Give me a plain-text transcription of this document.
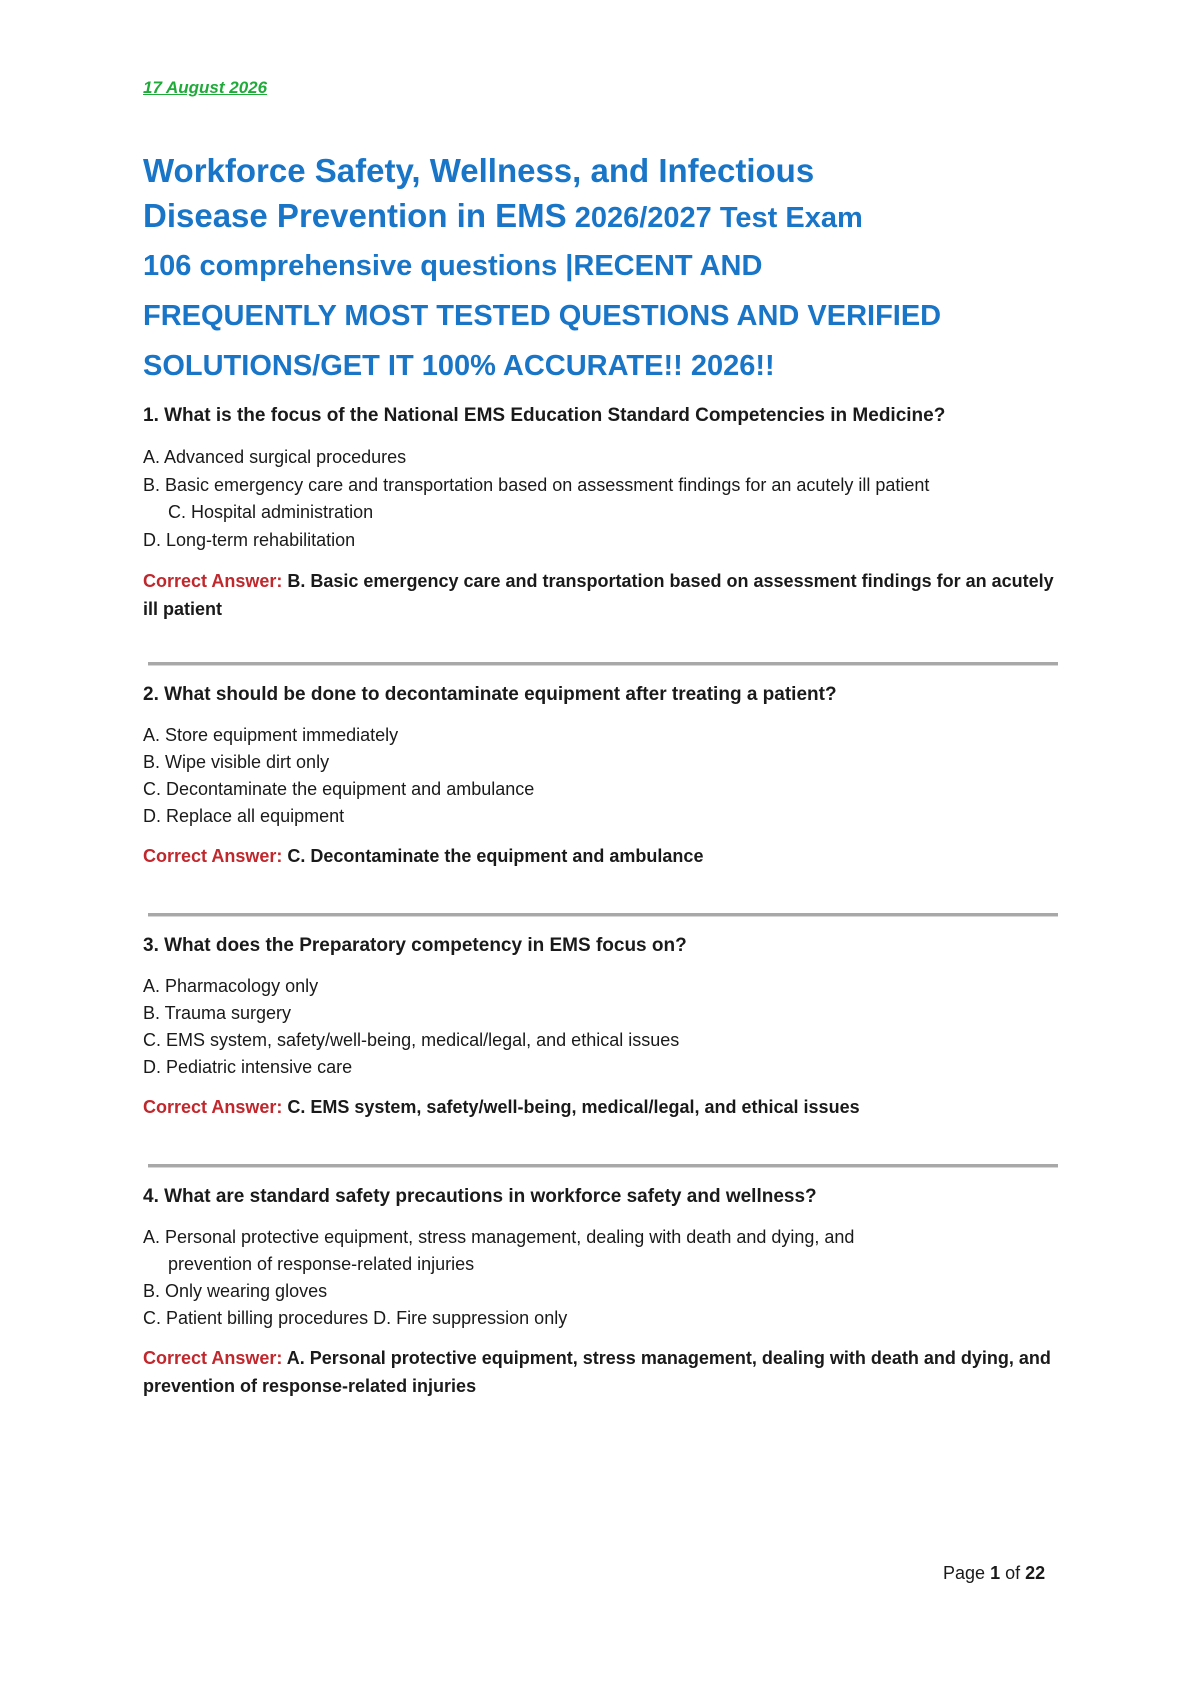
17 August 2026
Workforce Safety, Wellness, and Infectious
Disease Prevention in EMS 2026/2027 Test Exam
106 comprehensive questions |RECENT AND
FREQUENTLY MOST TESTED QUESTIONS AND VERIFIED
SOLUTIONS/GET IT 100% ACCURATE!! 2026!!
1. What is the focus of the National EMS Education Standard Competencies in Medicine?
A. Advanced surgical procedures
B. Basic emergency care and transportation based on assessment findings for an acutely ill patient
C. Hospital administration
D. Long-term rehabilitation
Correct Answer: B. Basic emergency care and transportation based on assessment findings for an acutely ill patient
2. What should be done to decontaminate equipment after treating a patient?
A. Store equipment immediately
B. Wipe visible dirt only
C. Decontaminate the equipment and ambulance
D. Replace all equipment
Correct Answer: C. Decontaminate the equipment and ambulance
3. What does the Preparatory competency in EMS focus on?
A. Pharmacology only
B. Trauma surgery
C. EMS system, safety/well-being, medical/legal, and ethical issues
D. Pediatric intensive care
Correct Answer: C. EMS system, safety/well-being, medical/legal, and ethical issues
4. What are standard safety precautions in workforce safety and wellness?
A. Personal protective equipment, stress management, dealing with death and dying, and prevention of response-related injuries
B. Only wearing gloves
C. Patient billing procedures D. Fire suppression only
Correct Answer: A. Personal protective equipment, stress management, dealing with death and dying, and prevention of response-related injuries
Page 1 of 22
